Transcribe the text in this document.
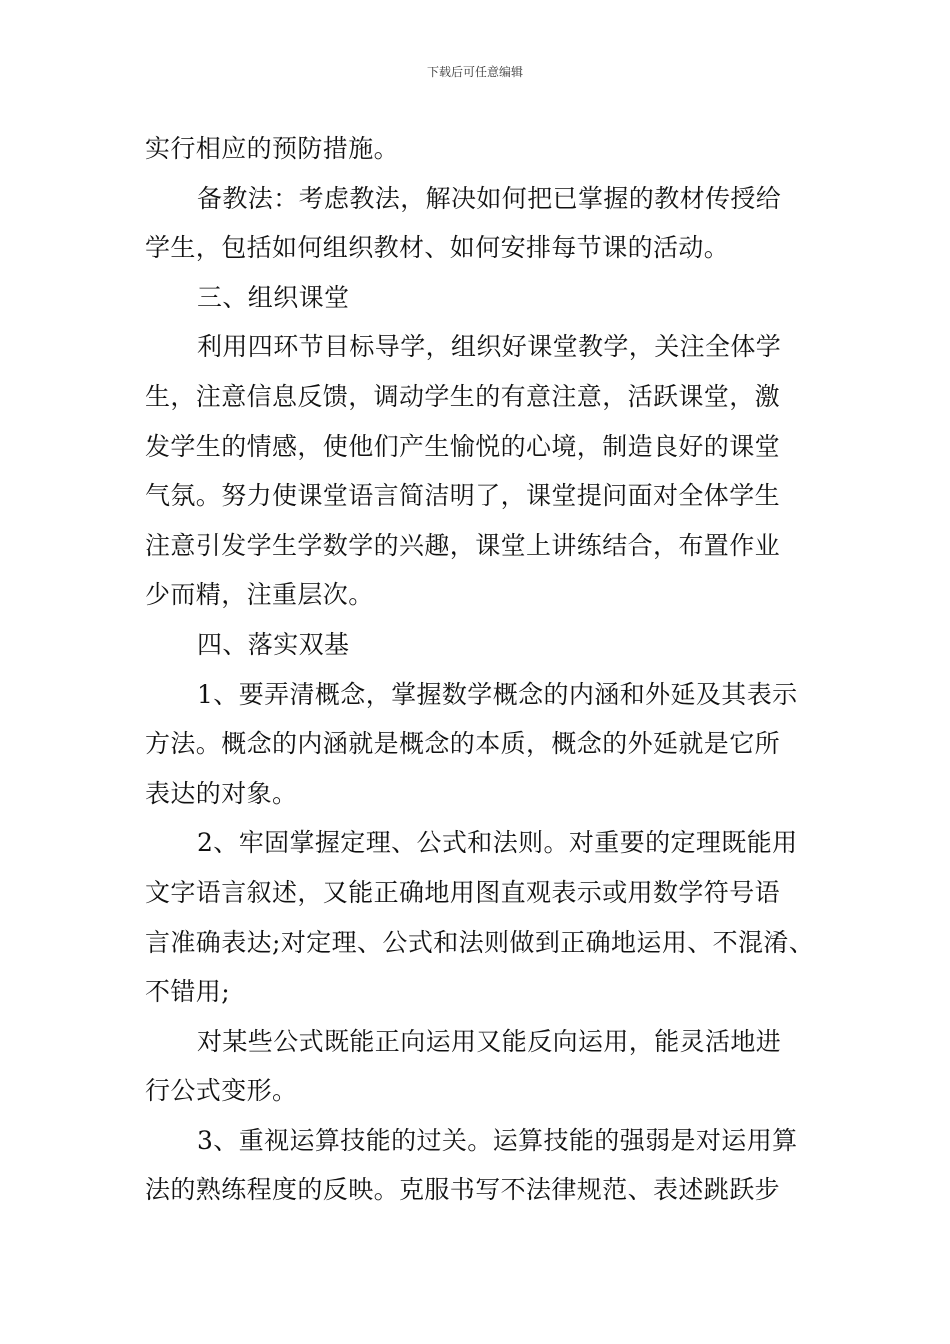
下载后可任意编辑
实行相应的预防措施。
备教法：考虑教法，解决如何把已掌握的教材传授给
学生，包括如何组织教材、如何安排每节课的活动。
三、组织课堂
利用四环节目标导学，组织好课堂教学，关注全体学
生，注意信息反馈，调动学生的有意注意，活跃课堂，激
发学生的情感，使他们产生愉悦的心境，制造良好的课堂
气氛。努力使课堂语言简洁明了，课堂提问面对全体学生
注意引发学生学数学的兴趣，课堂上讲练结合，布置作业
少而精，注重层次。
四、落实双基
1、要弄清概念，掌握数学概念的内涵和外延及其表示
方法。概念的内涵就是概念的本质，概念的外延就是它所
表达的对象。
2、牢固掌握定理、公式和法则。对重要的定理既能用
文字语言叙述，又能正确地用图直观表示或用数学符号语
言准确表达;对定理、公式和法则做到正确地运用、不混淆、
不错用;
对某些公式既能正向运用又能反向运用，能灵活地进
行公式变形。
3、重视运算技能的过关。运算技能的强弱是对运用算
法的熟练程度的反映。克服书写不法律规范、表述跳跃步
